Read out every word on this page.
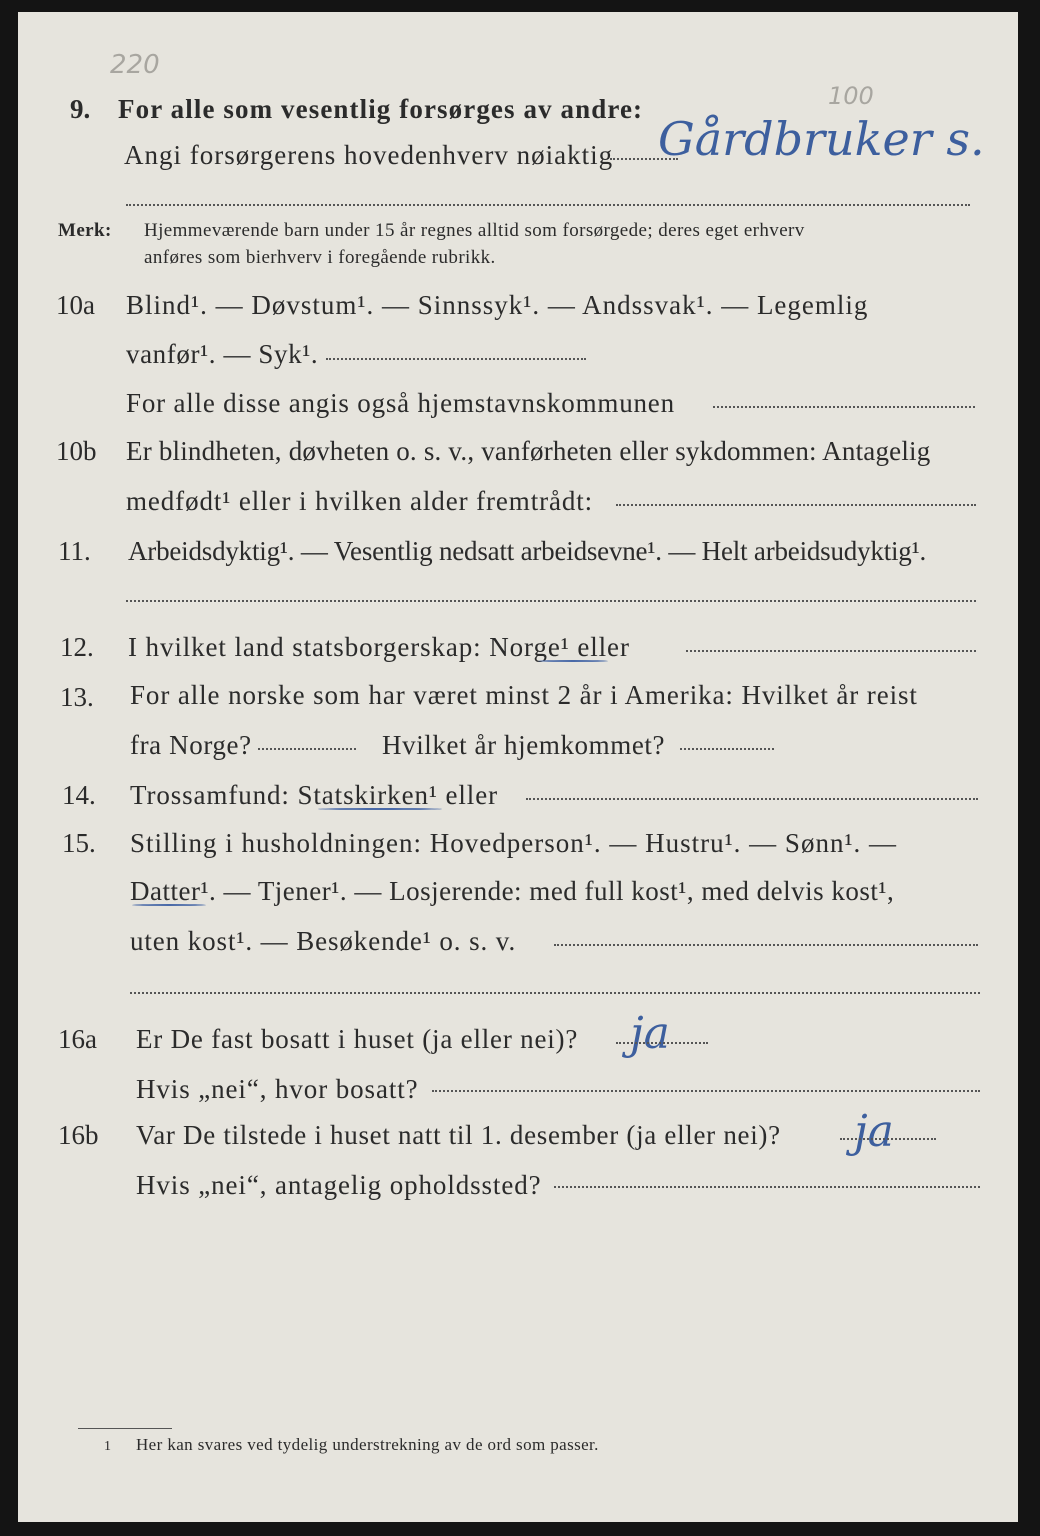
220
100
9. For alle som vesentlig forsørges av andre:
Angi forsørgerens hovedenhverv nøiaktig Gårdbruker s.
Merk: Hjemmeværende barn under 15 år regnes alltid som forsørgede; deres eget erhverv
anføres som bierhverv i foregående rubrikk.
10a Blind¹. — Døvstum¹. — Sinnssyk¹. — Andssvak¹. — Legemlig
vanfør¹. — Syk¹.
For alle disse angis også hjemstavnskommunen
10b Er blindheten, døvheten o. s. v., vanførheten eller sykdommen: Antagelig
medfødt¹ eller i hvilken alder fremtrådt:
11. Arbeidsdyktig¹. — Vesentlig nedsatt arbeidsevne¹. — Helt arbeidsudyktig¹.
12. I hvilket land statsborgerskap: Norge¹ eller
13. For alle norske som har været minst 2 år i Amerika: Hvilket år reist
fra Norge?	Hvilket år hjemkommet?
14. Trossamfund: Statskirken¹ eller
15. Stilling i husholdningen: Hovedperson¹. — Hustru¹. — Sønn¹. —
Datter¹. — Tjener¹. — Losjerende: med full kost¹, med delvis kost¹,
uten kost¹. — Besøkende¹ o. s. v.
16a Er De fast bosatt i huset (ja eller nei)? ja
Hvis „nei“, hvor bosatt?
16b Var De tilstede i huset natt til 1. desember (ja eller nei)? ja
Hvis „nei“, antagelig opholdssted?
1 Her kan svares ved tydelig understrekning av de ord som passer.
